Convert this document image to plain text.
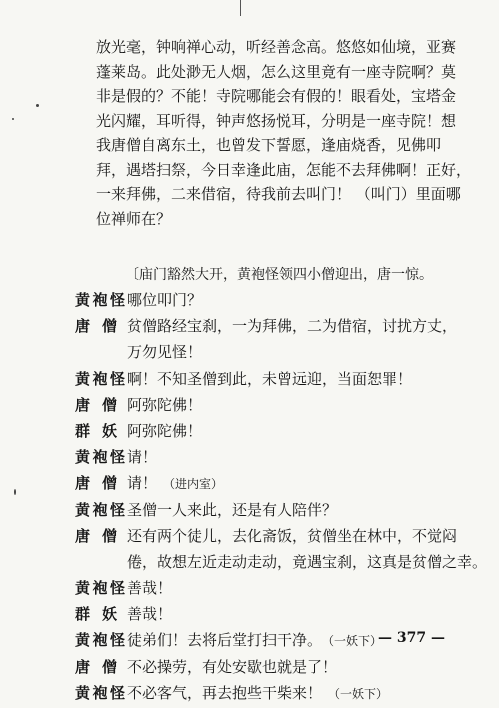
放光毫，钟响禅心动，听经善念高。悠悠如仙境，亚赛
蓬莱岛。此处渺无人烟，怎么这里竟有一座寺院啊？莫
非是假的？不能！寺院哪能会有假的！眼看处，宝塔金
光闪耀，耳听得，钟声悠扬悦耳，分明是一座寺院！想
我唐僧自离东土，也曾发下誓愿，逢庙烧香，见佛叩
拜，遇塔扫祭，今日幸逢此庙，怎能不去拜佛啊！正好，
一来拜佛，二来借宿，待我前去叫门！ （叫门）里面哪
位禅师在？
〔庙门豁然大开，黄袍怪领四小僧迎出，唐一惊。
黄 袍 怪 哪位叩门？
唐 僧 贫僧路经宝刹，一为拜佛，二为借宿，讨扰方丈，
万勿见怪！
黄 袍 怪 啊！不知圣僧到此，未曾远迎，当面恕罪！
唐 僧 阿弥陀佛！
群 妖 阿弥陀佛！
黄 袍 怪 请！
唐 僧 请！ （进内室）
黄 袍 怪 圣僧一人来此，还是有人陪伴？
唐 僧 还有两个徒儿，去化斋饭，贫僧坐在林中，不觉闷
倦，故想左近走动走动，竟遇宝刹，这真是贫僧之幸。
黄 袍 怪 善哉！
群 妖 善哉！
黄 袍 怪 徒弟们！去将后堂打扫干净。 （一妖下）
唐 僧 不必操劳，有处安歇也就是了！
黄 袍 怪 不必客气，再去抱些干柴来！ （一妖下）
— 377 —
